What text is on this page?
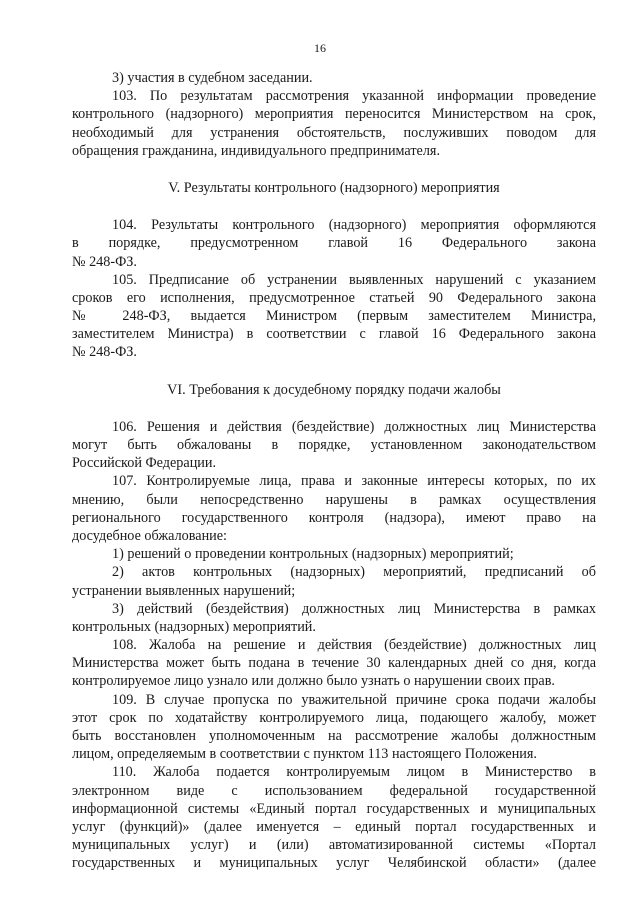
16
3) участия в судебном заседании.
103. По результатам рассмотрения указанной информации проведение
контрольного (надзорного) мероприятия переносится Министерством на срок,
необходимый для устранения обстоятельств, послуживших поводом для
обращения гражданина, индивидуального предпринимателя.
V. Результаты контрольного (надзорного) мероприятия
104. Результаты контрольного (надзорного) мероприятия оформляются
в порядке, предусмотренном главой 16 Федерального закона
№ 248-ФЗ.
105. Предписание об устранении выявленных нарушений с указанием
сроков его исполнения, предусмотренное статьей 90 Федерального закона
№ 248-ФЗ, выдается Министром (первым заместителем Министра,
заместителем Министра) в соответствии с главой 16 Федерального закона
№ 248-ФЗ.
VI. Требования к досудебному порядку подачи жалобы
106. Решения и действия (бездействие) должностных лиц Министерства
могут быть обжалованы в порядке, установленном законодательством
Российской Федерации.
107. Контролируемые лица, права и законные интересы которых, по их
мнению, были непосредственно нарушены в рамках осуществления
регионального государственного контроля (надзора), имеют право на
досудебное обжалование:
1) решений о проведении контрольных (надзорных) мероприятий;
2) актов контрольных (надзорных) мероприятий, предписаний об
устранении выявленных нарушений;
3) действий (бездействия) должностных лиц Министерства в рамках
контрольных (надзорных) мероприятий.
108. Жалоба на решение и действия (бездействие) должностных лиц
Министерства может быть подана в течение 30 календарных дней со дня, когда
контролируемое лицо узнало или должно было узнать о нарушении своих прав.
109. В случае пропуска по уважительной причине срока подачи жалобы
этот срок по ходатайству контролируемого лица, подающего жалобу, может
быть восстановлен уполномоченным на рассмотрение жалобы должностным
лицом, определяемым в соответствии с пунктом 113 настоящего Положения.
110. Жалоба подается контролируемым лицом в Министерство в
электронном виде с использованием федеральной государственной
информационной системы «Единый портал государственных и муниципальных
услуг (функций)» (далее именуется – единый портал государственных и
муниципальных услуг) и (или) автоматизированной системы «Портал
государственных и муниципальных услуг Челябинской области» (далее
